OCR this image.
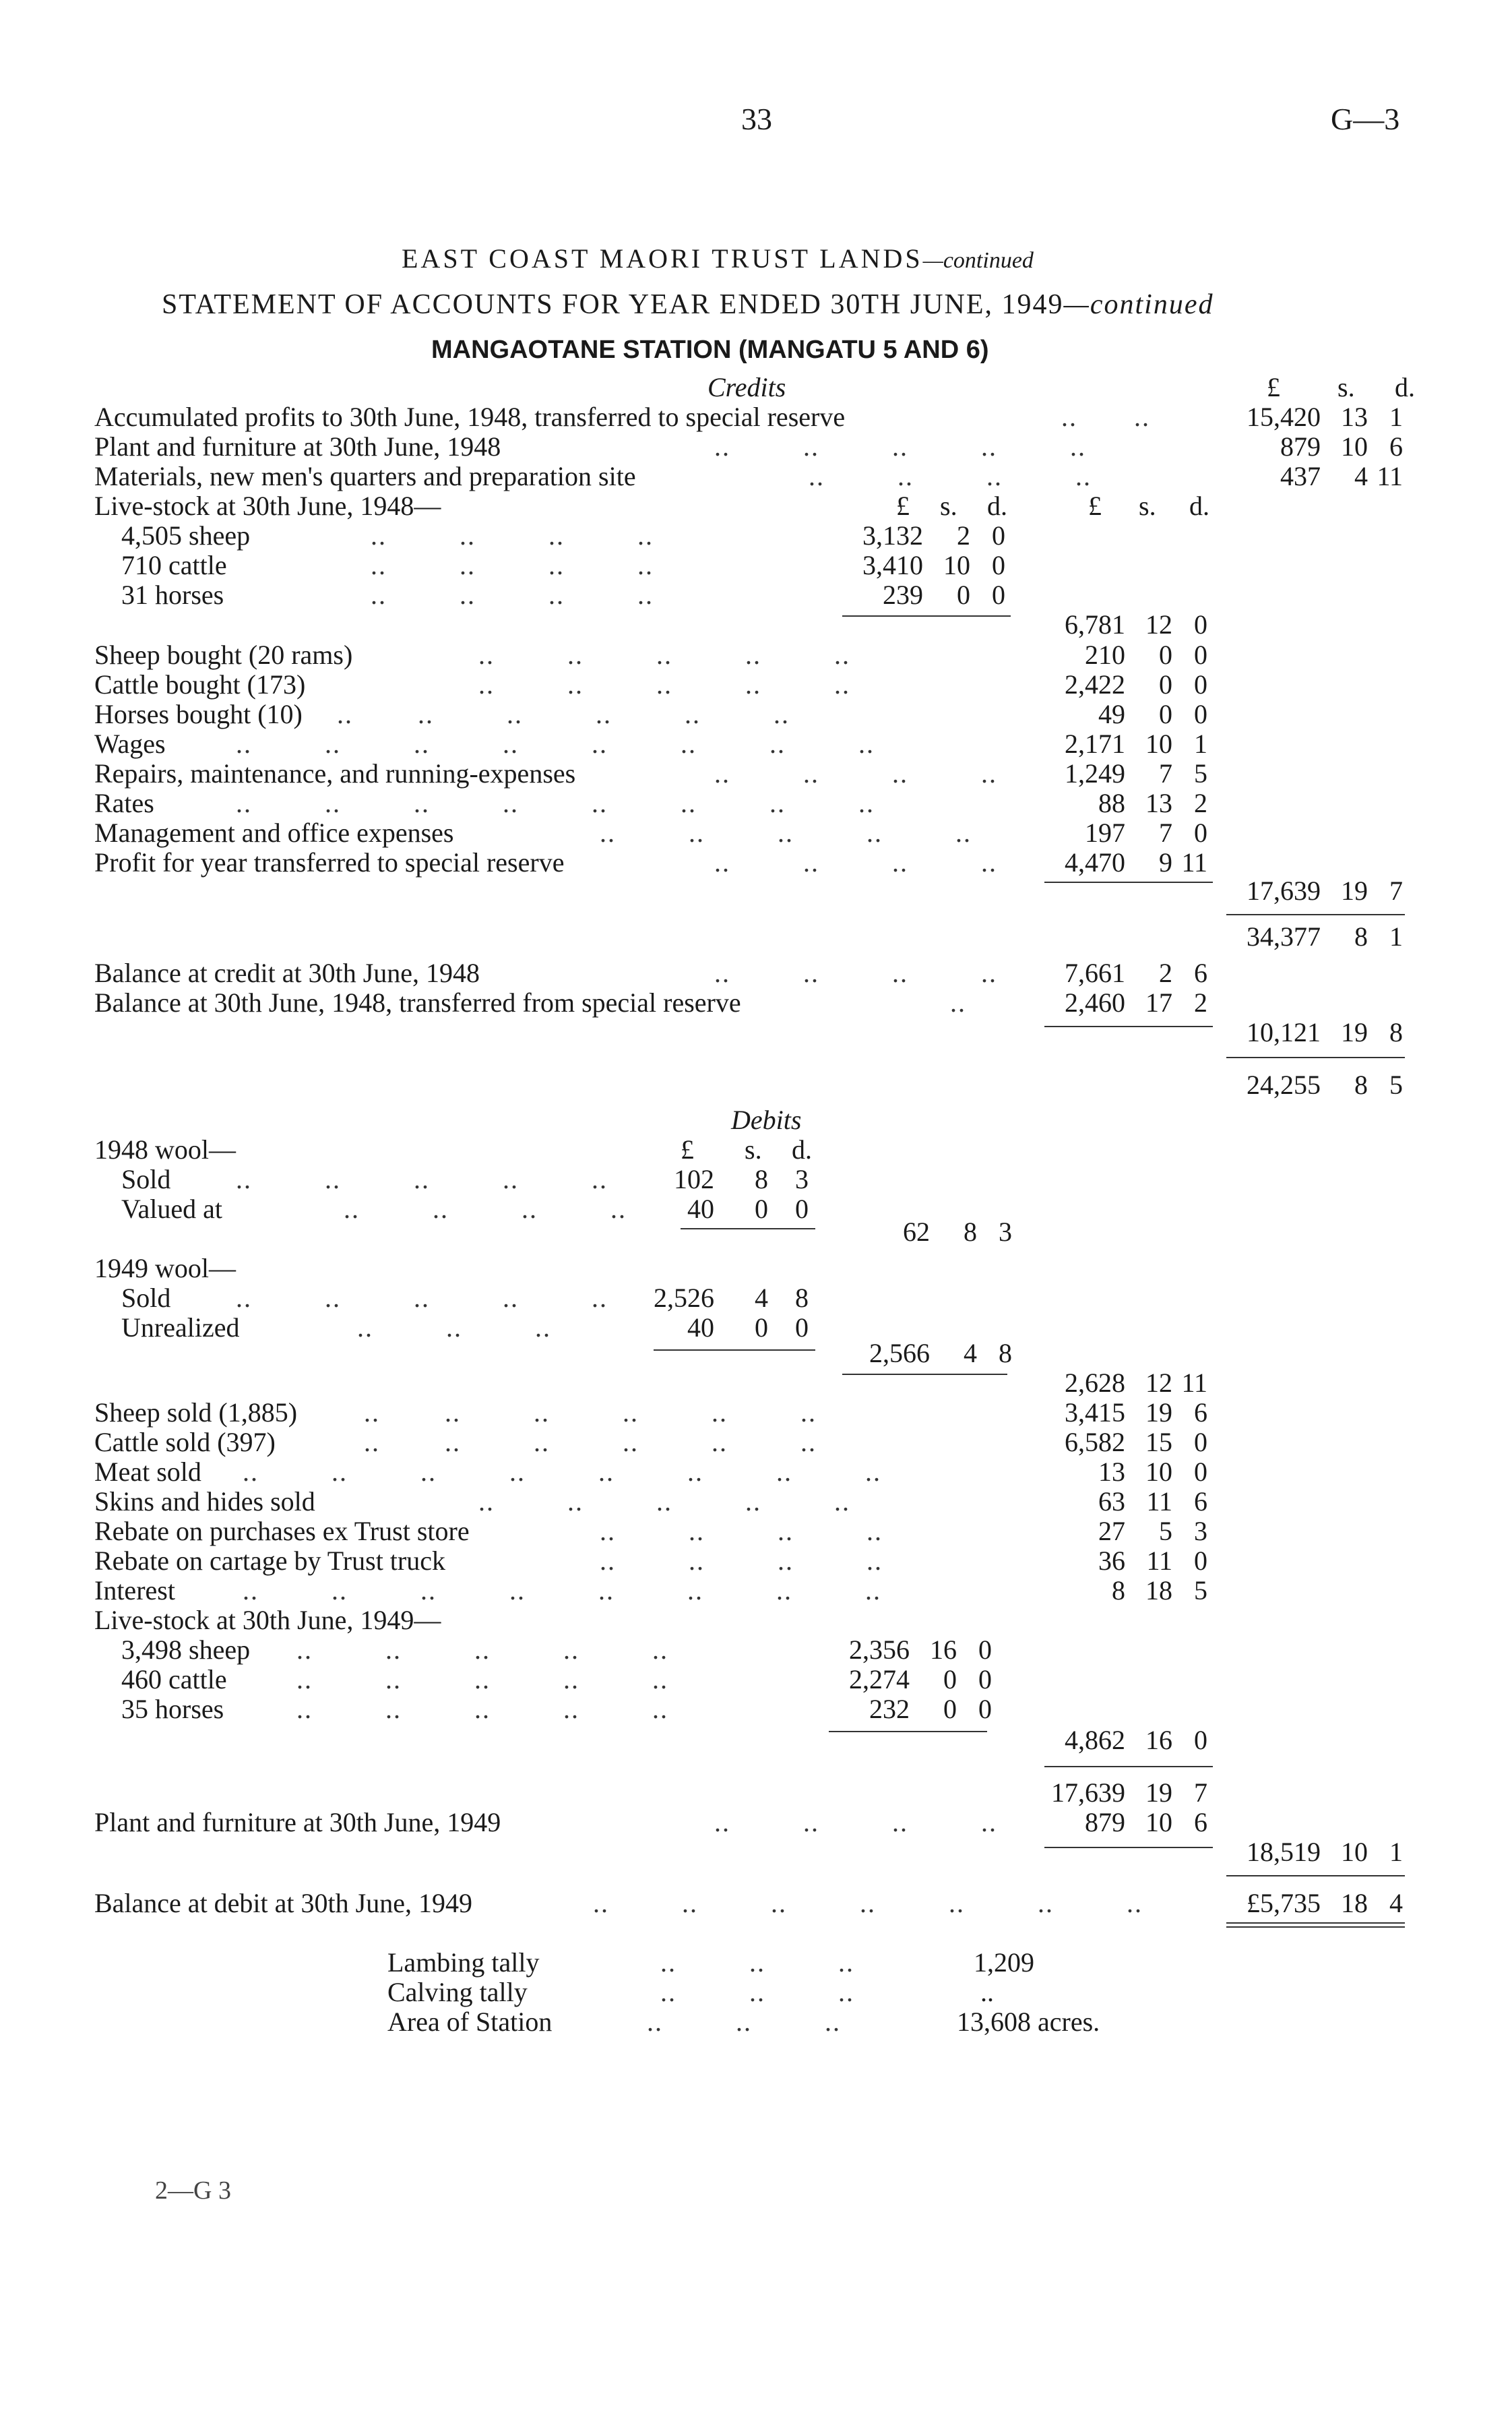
33	G—3
EAST COAST MAORI TRUST LANDS—continued
STATEMENT OF ACCOUNTS FOR YEAR ENDED 30TH JUNE, 1949—continued
MANGAOTANE STATION (MANGATU 5 AND 6)
Credits	£ s. d.
Accumulated profits to 30th June, 1948, transferred to special reserve	..       ..	15,420 13 1
Plant and furniture at 30th June, 1948	..         ..         ..         ..         ..	879 10 6
Materials, new men's quarters and preparation site	..         ..         ..         ..	437	4 11
Live-stock at 30th June, 1948—	£ s. d.	£ s. d.
4,505 sheep	..         ..         ..         ..	3,132	2 0
710 cattle	..         ..         ..         ..	3,410 10 0
31 horses	..         ..         ..         ..	239	0 0
6,781 12 0
Sheep bought (20 rams)	..         ..         ..         ..         ..	210	0 0
Cattle bought (173)	..         ..         ..         ..         ..	2,422	0 0
Horses bought (10) ..        ..         ..         ..         ..         ..	49	0 0
Wages	..         ..         ..         ..         ..         ..         ..         ..	2,171 10 1
Repairs, maintenance, and running-expenses	..         ..         ..         ..	1,249	7 5
Rates	..         ..         ..         ..         ..         ..         ..         ..	88 13 2
Management and office expenses	..         ..         ..         ..         ..	197	7 0
Profit for year transferred to special reserve	..         ..         ..         ..	4,470	9 11
17,639 19 7
34,377	8 1
Balance at credit at 30th June, 1948	..         ..         ..         ..	7,661	2 6
Balance at 30th June, 1948, transferred from special reserve	..	2,460 17 2
10,121 19 8
24,255	8 5
Debits
1948 wool—	£ s. d.
Sold ..         ..         ..         ..         ..	102	8	3
Valued at	..         ..         ..         ..	40	0	0
62	8 3
1949 wool—
Sold ..         ..         ..         ..         ..	2,526	4	8
Unrealized	..         ..         ..	40	0	0
2,566	4 8
2,628 12 11
Sheep sold (1,885) ..        ..         ..         ..         ..         ..	3,415 19 6
Cattle sold (397)	..        ..         ..         ..         ..         ..	6,582 15 0
Meat sold ..         ..         ..         ..         ..         ..         ..         ..	13 10 0
Skins and hides sold	..         ..         ..         ..         ..	63 11 6
Rebate on purchases ex Trust store	..         ..         ..         ..	27	5 3
Rebate on cartage by Trust truck	..         ..         ..         ..	36 11 0
Interest	..         ..         ..         ..         ..         ..         ..         ..	8 18 5
Live-stock at 30th June, 1949—
3,498 sheep ..         ..         ..         ..         ..	2,356 16 0
460 cattle	..         ..         ..         ..         ..	2,274	0 0
35 horses	..         ..         ..         ..         ..	232	0 0
4,862 16 0
17,639 19 7
Plant and furniture at 30th June, 1949	..         ..         ..         ..	879 10 6
18,519 10 1
Balance at debit at 30th June, 1949	..         ..         ..         ..         ..         ..         ..	£5,735 18 4
Lambing tally	..         ..         ..	1,209
Calving tally	..         ..         ..	..
Area of Station	..         ..         ..	13,608 acres.
2—G 3
